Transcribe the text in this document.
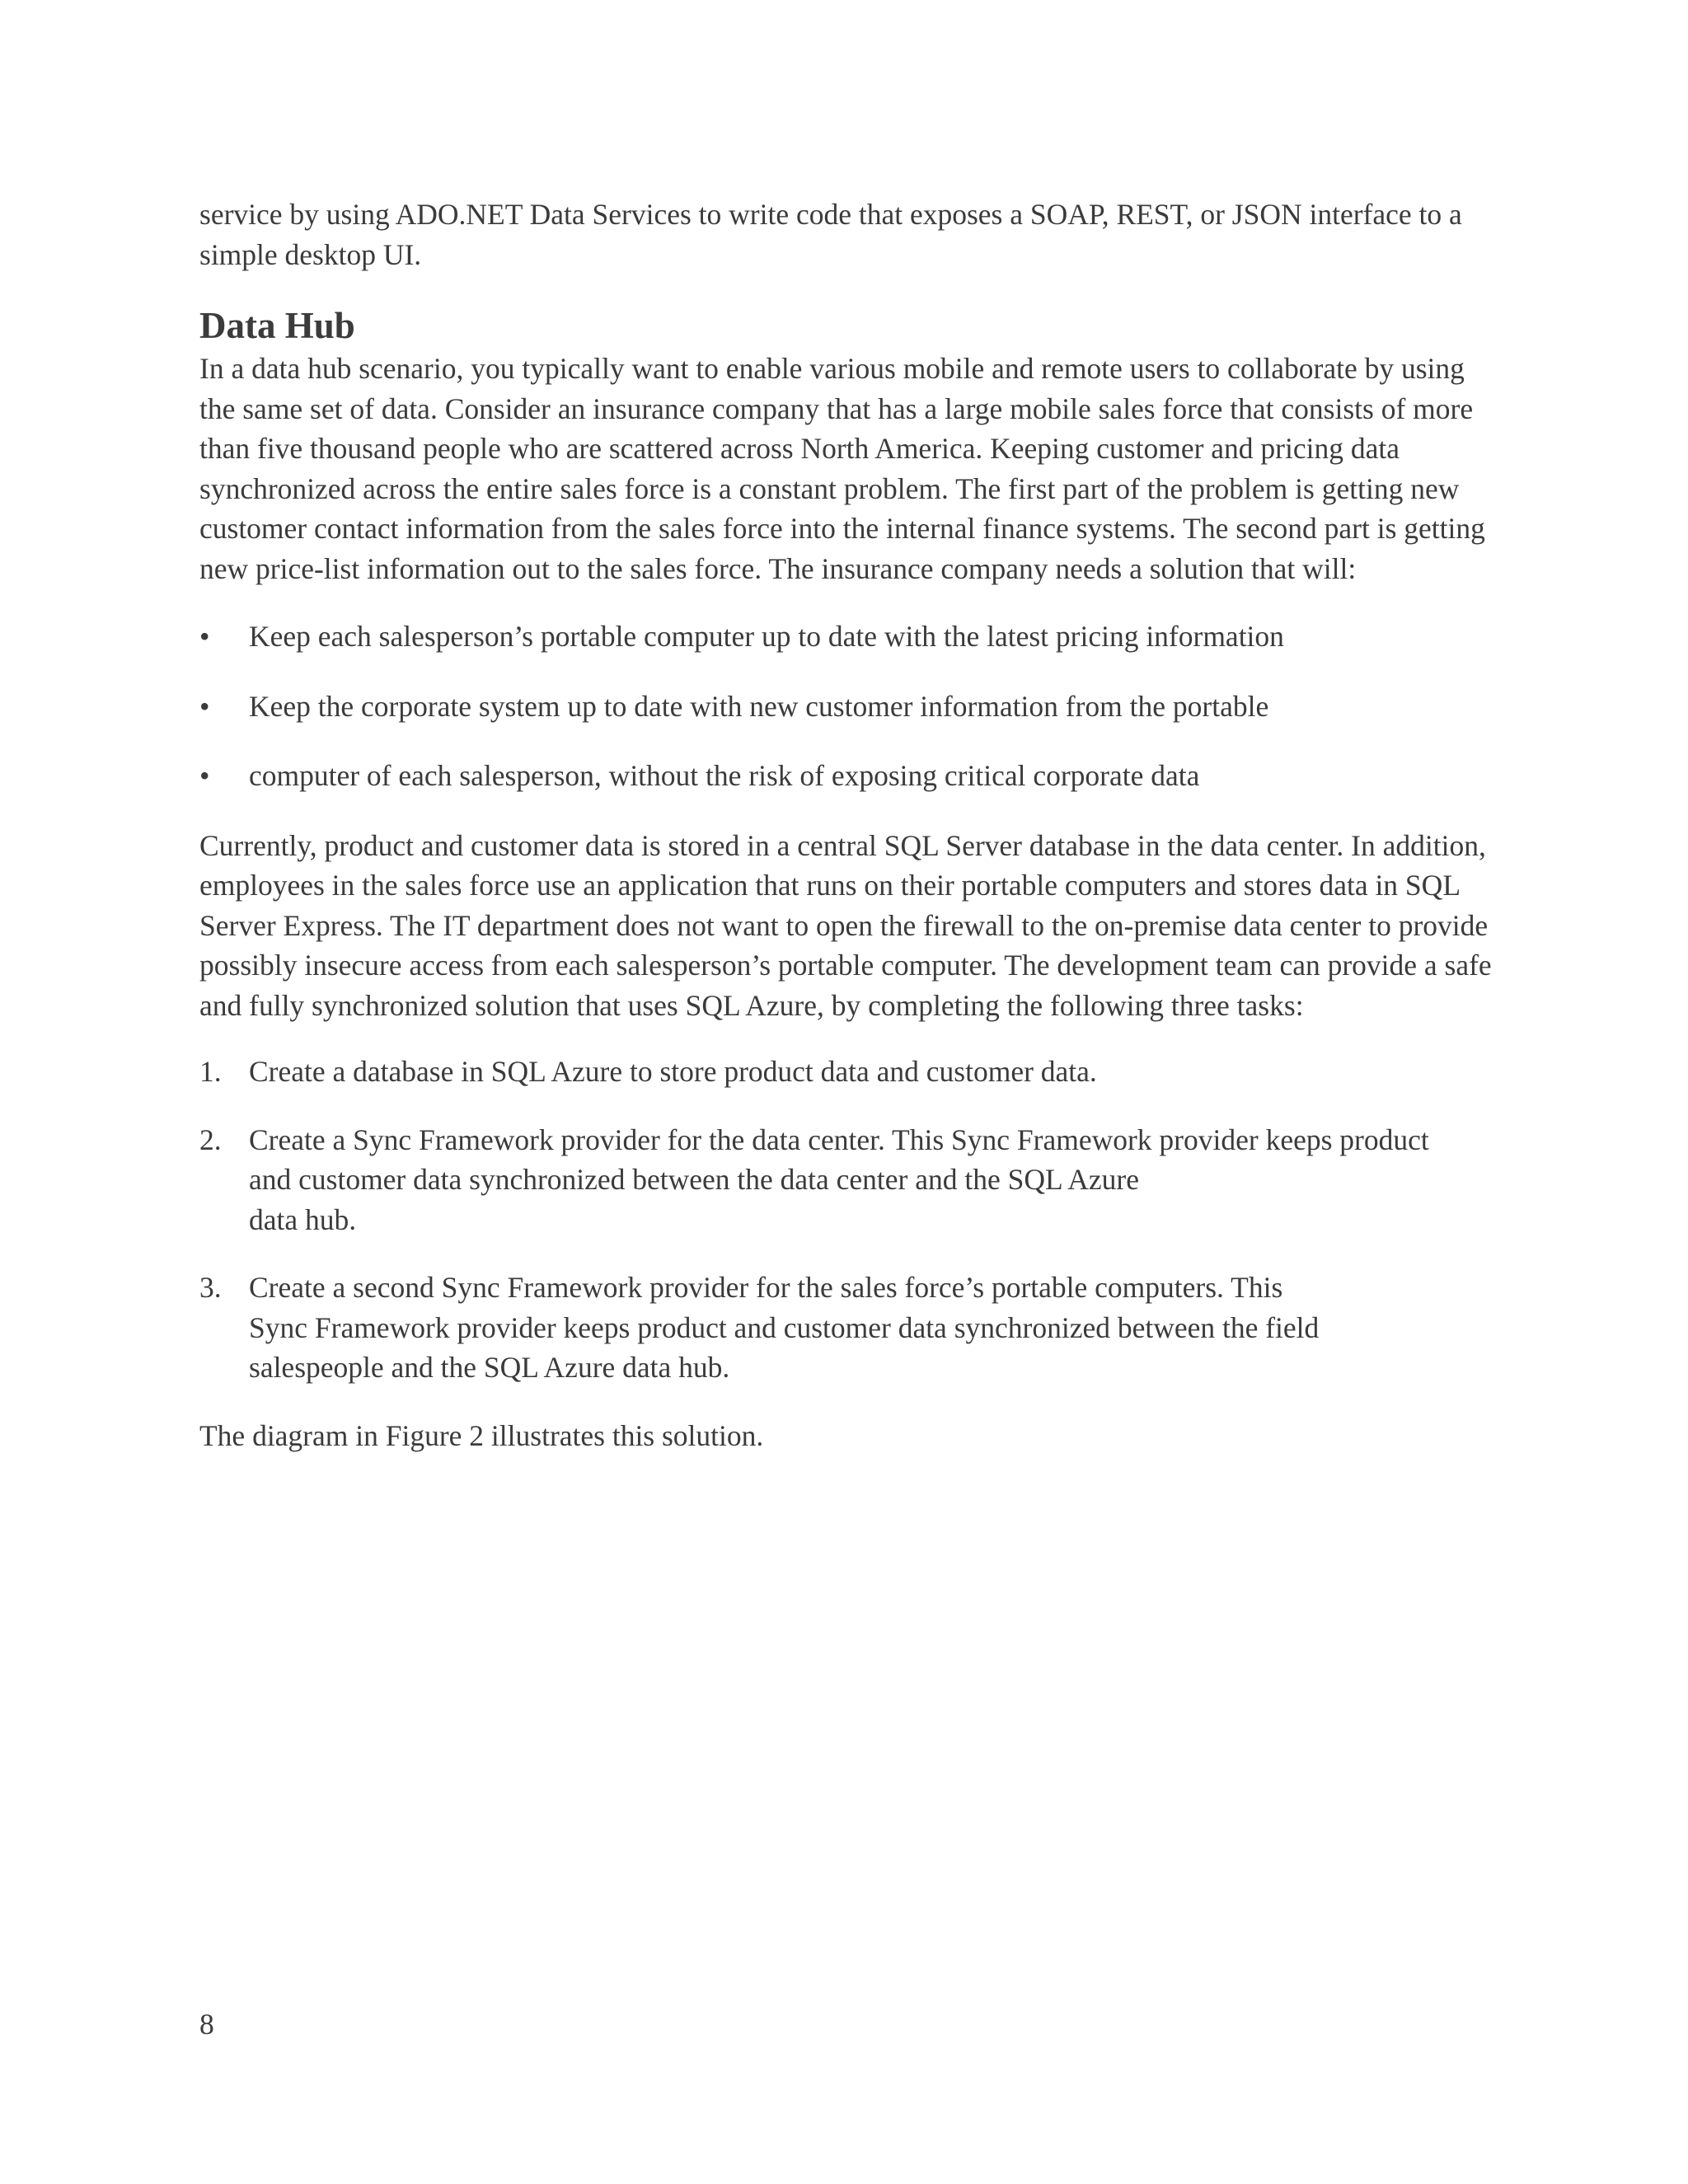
service by using ADO.NET Data Services to write code that exposes a SOAP, REST, or JSON interface to a simple desktop UI.

Data Hub

In a data hub scenario, you typically want to enable various mobile and remote users to collaborate by using the same set of data. Consider an insurance company that has a large mobile sales force that consists of more than five thousand people who are scattered across North America. Keeping customer and pricing data synchronized across the entire sales force is a constant problem. The first part of the problem is getting new customer contact information from the sales force into the internal finance systems. The second part is getting new price-list information out to the sales force. The insurance company needs a solution that will:

•	Keep each salesperson’s portable computer up to date with the latest pricing information
•	Keep the corporate system up to date with new customer information from the portable
•	computer of each salesperson, without the risk of exposing critical corporate data

Currently, product and customer data is stored in a central SQL Server database in the data center. In addition, employees in the sales force use an application that runs on their portable computers and stores data in SQL Server Express. The IT department does not want to open the firewall to the on-premise data center to provide possibly insecure access from each salesperson’s portable computer. The development team can provide a safe and fully synchronized solution that uses SQL Azure, by completing the following three tasks:

1. Create a database in SQL Azure to store product data and customer data.
2. Create a Sync Framework provider for the data center. This Sync Framework provider keeps product
and customer data synchronized between the data center and the SQL Azure
data hub.
3. Create a second Sync Framework provider for the sales force’s portable computers. This
Sync Framework provider keeps product and customer data synchronized between the field
salespeople and the SQL Azure data hub.

The diagram in Figure 2 illustrates this solution.

8
